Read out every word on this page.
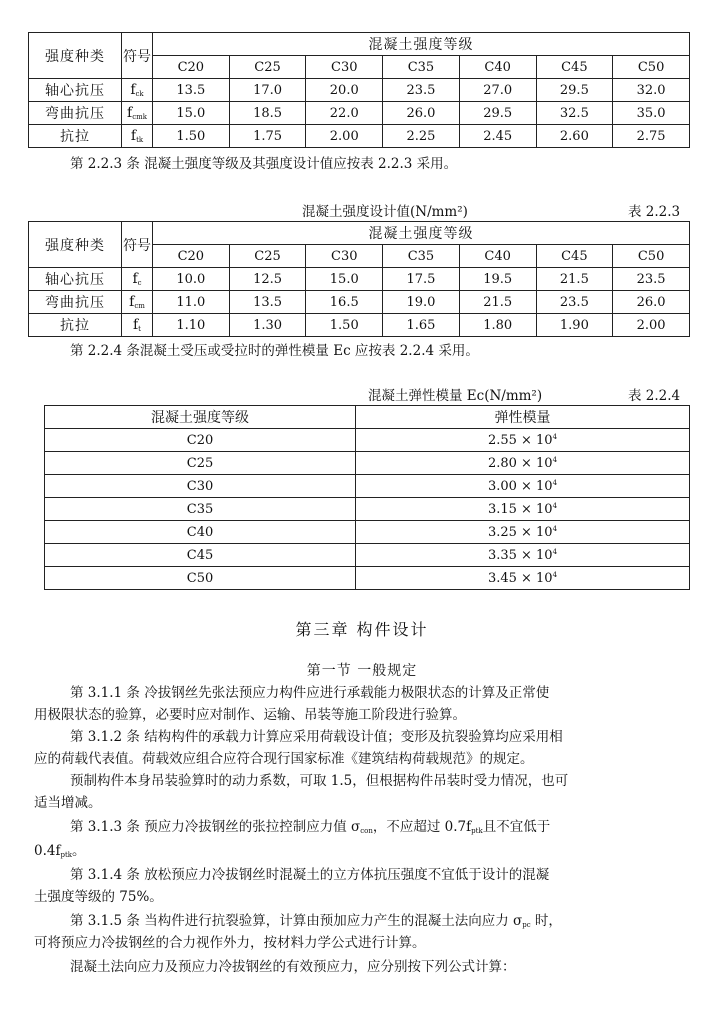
强度种类	符号	混凝土强度等级						
		C20	C25	C30	C35	C40	C45	C50
轴心抗压	$f_{ck}$	13.5	17.0	20.0	23.5	27.0	29.5	32.0
弯曲抗压	$f_{cmk}$	15.0	18.5	22.0	26.0	29.5	32.5	35.0
抗拉	$f_{tk}$	1.50	1.75	2.00	2.25	2.45	2.60	2.75
第 2.2.3 条 混凝土强度等级及其强度设计值应按表 2.2.3 采用。
混凝土强度设计值(N/mm²)	表 2.2.3
强度种类	符号	混凝土强度等级						
		C20	C25	C30	C35	C40	C45	C50
轴心抗压	$f_c$	10.0	12.5	15.0	17.5	19.5	21.5	23.5
弯曲抗压	$f_{cm}$	11.0	13.5	16.5	19.0	21.5	23.5	26.0
抗拉	$f_t$	1.10	1.30	1.50	1.65	1.80	1.90	2.00
第 2.2.4 条混凝土受压或受拉时的弹性模量 Ec 应按表 2.2.4 采用。
混凝土弹性模量 Ec(N/mm²)	表 2.2.4
混凝土强度等级	弹性模量
C20	$2.55 \times 10^4$
C25	$2.80 \times 10^4$
C30	$3.00 \times 10^4$
C35	$3.15 \times 10^4$
C40	$3.25 \times 10^4$
C45	$3.35 \times 10^4$
C50	$3.45 \times 10^4$
第三章 构件设计
第一节 一般规定
第 3.1.1 条 冷拔钢丝先张法预应力构件应进行承载能力极限状态的计算及正常使
用极限状态的验算，必要时应对制作、运输、吊装等施工阶段进行验算。
第 3.1.2 条 结构构件的承载力计算应采用荷载设计值；变形及抗裂验算均应采用相
应的荷载代表值。荷载效应组合应符合现行国家标准《建筑结构荷载规范》的规定。
预制构件本身吊装验算时的动力系数，可取 1.5，但根据构件吊装时受力情况，也可
适当增减。
第 3.1.3 条 预应力冷拔钢丝的张拉控制应力值 $\sigma_{con}$，不应超过 $0.7f_{ptk}$且不宜低于
$0.4f_{ptk}$。
第 3.1.4 条 放松预应力冷拔钢丝时混凝土的立方体抗压强度不宜低于设计的混凝
土强度等级的 75%。
第 3.1.5 条 当构件进行抗裂验算，计算由预加应力产生的混凝土法向应力 $\sigma_{pc}$ 时，
可将预应力冷拔钢丝的合力视作外力，按材料力学公式进行计算。
混凝土法向应力及预应力冷拔钢丝的有效预应力，应分别按下列公式计算：
